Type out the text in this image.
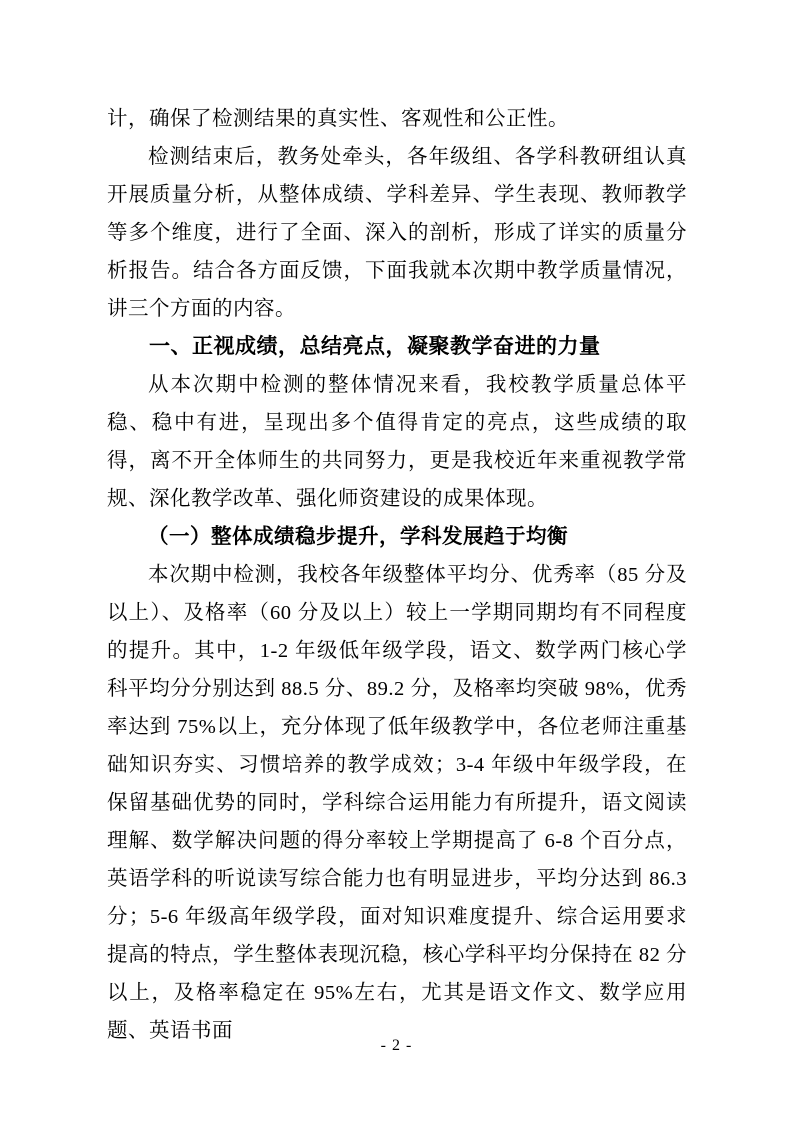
计，确保了检测结果的真实性、客观性和公正性。

检测结束后，教务处牵头，各年级组、各学科教研组认真开展质量分析，从整体成绩、学科差异、学生表现、教师教学等多个维度，进行了全面、深入的剖析，形成了详实的质量分析报告。结合各方面反馈，下面我就本次期中教学质量情况，讲三个方面的内容。

一、正视成绩，总结亮点，凝聚教学奋进的力量

从本次期中检测的整体情况来看，我校教学质量总体平稳、稳中有进，呈现出多个值得肯定的亮点，这些成绩的取得，离不开全体师生的共同努力，更是我校近年来重视教学常规、深化教学改革、强化师资建设的成果体现。

（一）整体成绩稳步提升，学科发展趋于均衡

本次期中检测，我校各年级整体平均分、优秀率（85 分及以上）、及格率（60 分及以上）较上一学期同期均有不同程度的提升。其中，1-2 年级低年级学段，语文、数学两门核心学科平均分分别达到 88.5 分、89.2 分，及格率均突破 98%，优秀率达到 75%以上，充分体现了低年级教学中，各位老师注重基础知识夯实、习惯培养的教学成效；3-4 年级中年级学段，在保留基础优势的同时，学科综合运用能力有所提升，语文阅读理解、数学解决问题的得分率较上学期提高了 6-8 个百分点，英语学科的听说读写综合能力也有明显进步，平均分达到 86.3 分；5-6 年级高年级学段，面对知识难度提升、综合运用要求提高的特点，学生整体表现沉稳，核心学科平均分保持在 82 分以上，及格率稳定在 95%左右，尤其是语文作文、数学应用题、英语书面

- 2 -
